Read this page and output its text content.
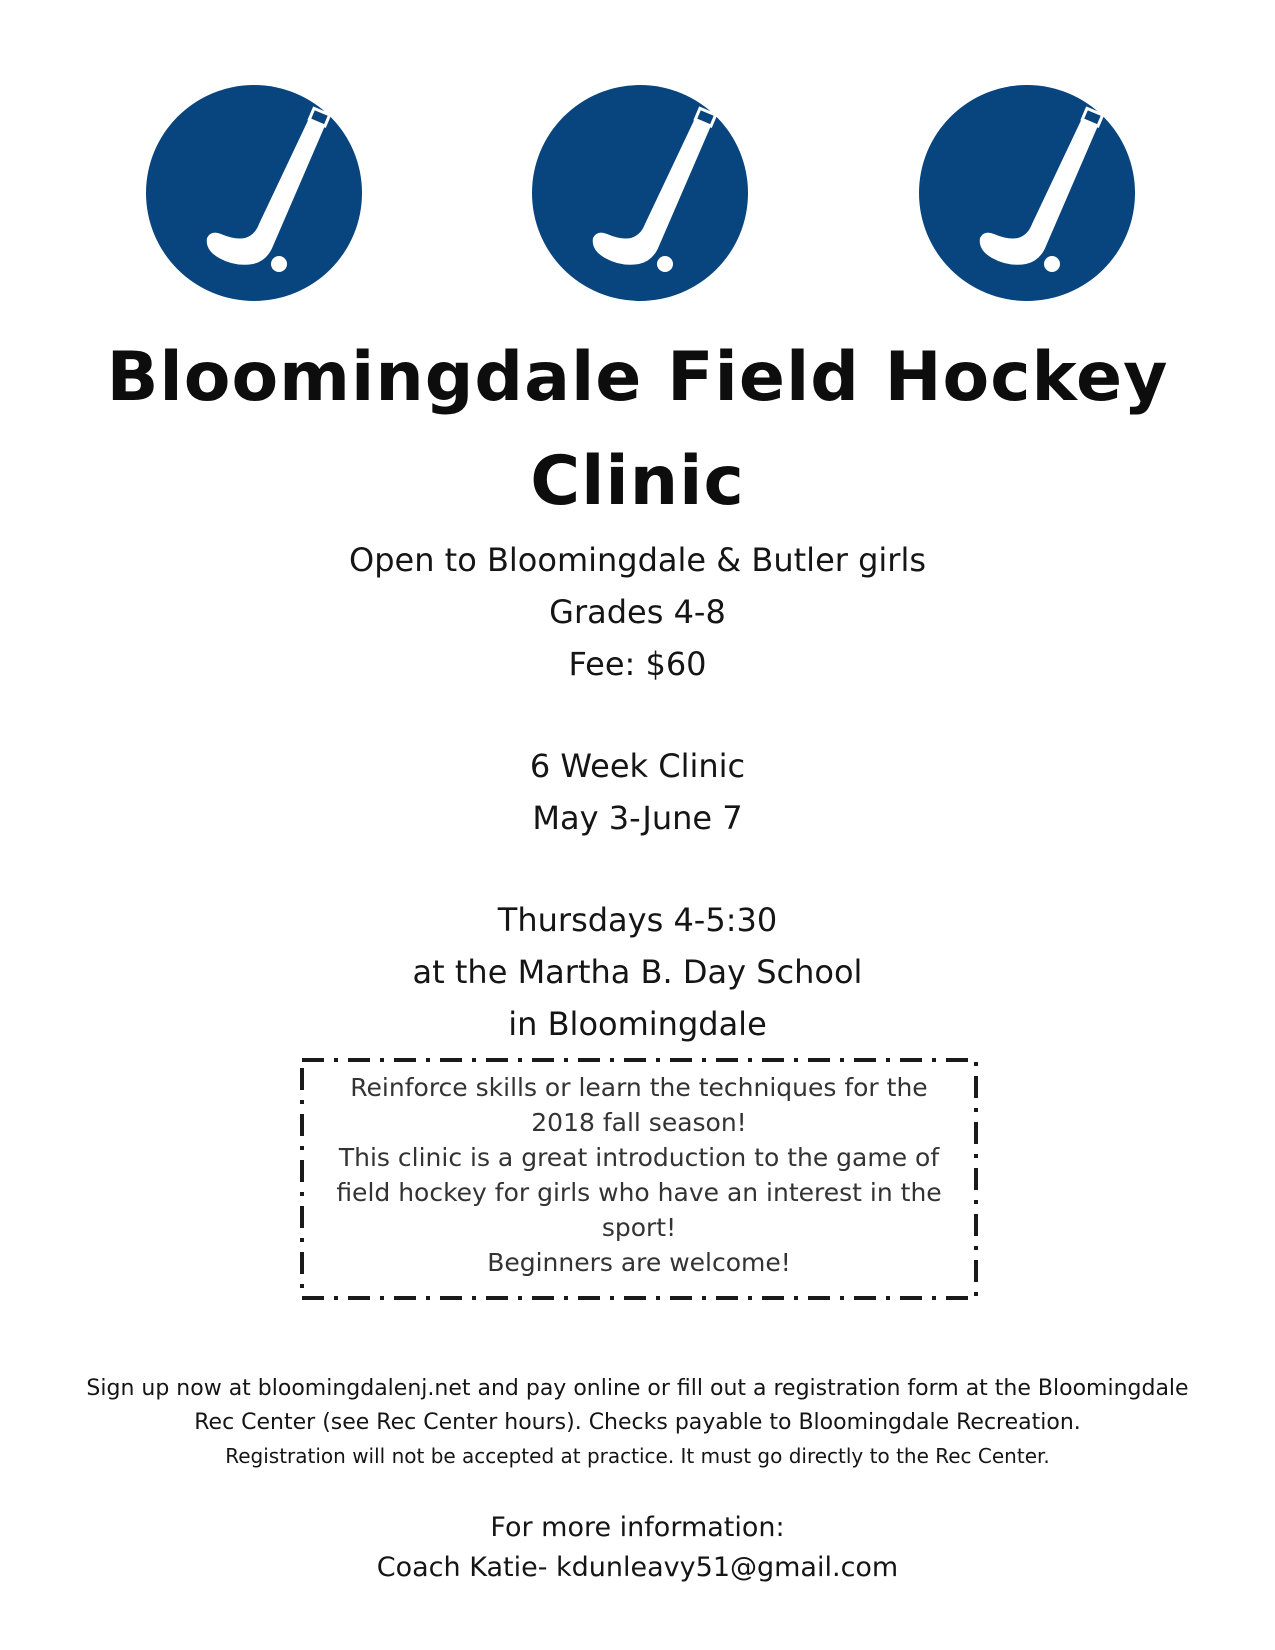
Bloomingdale Field Hockey
Clinic

Open to Bloomingdale & Butler girls

Grades 4-8

Fee: $60

6 Week Clinic

May 3-June 7

Thursdays 4-5:30

at the Martha B. Day School

in Bloomingdale

Reinforce skills or learn the techniques for the
2018 fall season!
This clinic is a great introduction to the game of
field hockey for girls who have an interest in the
sport!
Beginners are welcome!
Sign up now at bloomingdalenj.net and pay online or fill out a registration form at the Bloomingdale
Rec Center (see Rec Center hours). Checks payable to Bloomingdale Recreation.
Registration will not be accepted at practice. It must go directly to the Rec Center.
For more information:
Coach Katie- kdunleavy51@gmail.com
